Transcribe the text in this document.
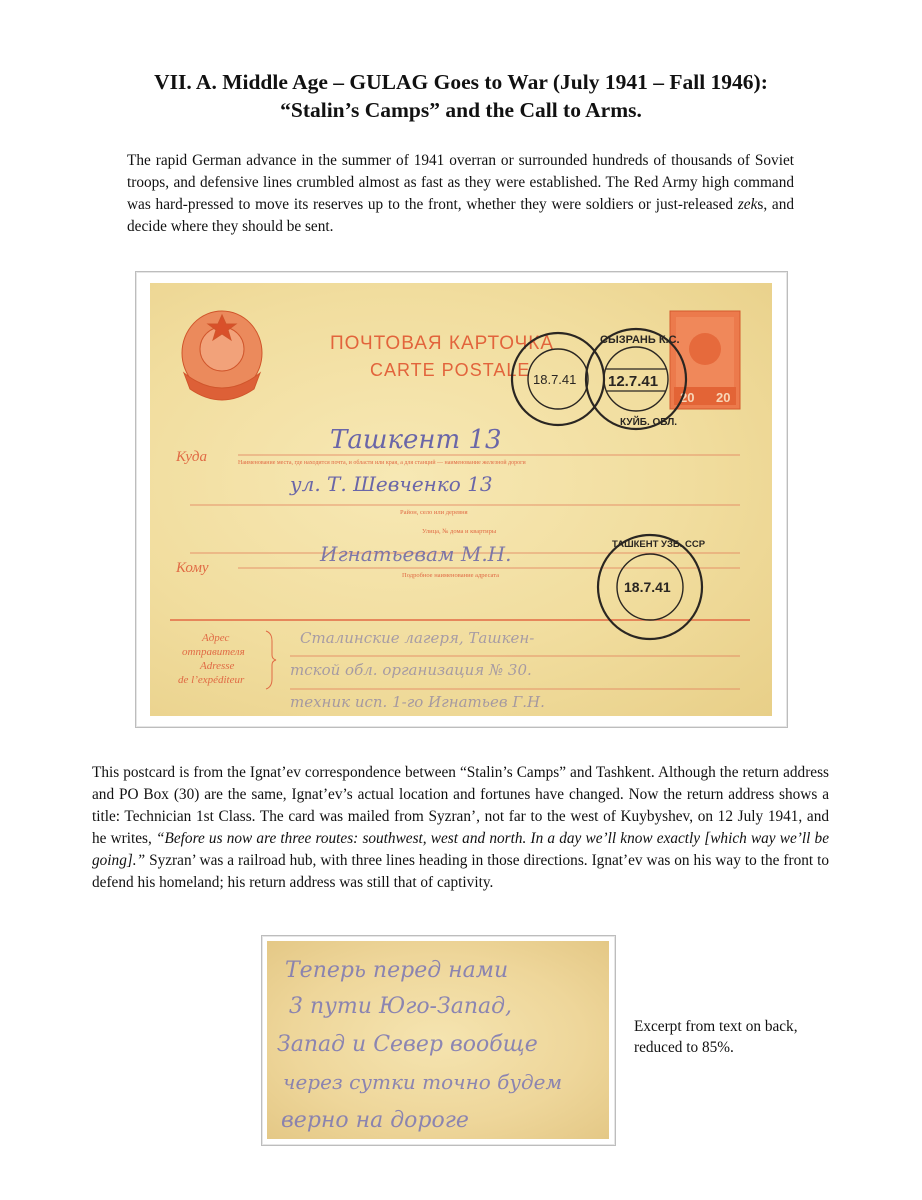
VII. A. Middle Age – GULAG Goes to War (July 1941 – Fall 1946):
“Stalin’s Camps” and the Call to Arms.

The rapid German advance in the summer of 1941 overran or surrounded hundreds of thousands of Soviet troops, and defensive lines crumbled almost as fast as they were established. The Red Army high command was hard-pressed to move its reserves up to the front, whether they were soldiers or just-released zeks, and decide where they should be sent.

20 20
ПОЧТОВАЯ КАРТОЧКА
CARTE POSTALE
Куда
Кому
Наименование места, где находится почта, и области или края, а для станций — наименование железной дороги
Район, село или деревня
Улица, № дома и квартиры
Подробное наименование адресата
Адрес
отправителя
Adresse
de l’expéditeur
Ташкент 13
ул. Т. Шевченко 13
Игнатьевам М.Н.
Сталинские лагеря, Ташкен-
тской обл. организация № 30.
техник исп. 1-го Игнатьев Г.Н.
18.7.41 12.7.41
СЫЗРАНЬ К.С.
КУЙБ. ОБЛ.
18.7.41
ТАШКЕНТ УЗБ. ССР

This postcard is from the Ignat’ev correspondence between “Stalin’s Camps” and Tashkent. Although the return address and PO Box (30) are the same, Ignat’ev’s actual location and fortunes have changed. Now the return address shows a title: Technician 1st Class. The card was mailed from Syzran’, not far to the west of Kuybyshev, on 12 July 1941, and he writes, “Before us now are three routes: southwest, west and north. In a day we’ll know exactly [which way we’ll be going].” Syzran’ was a railroad hub, with three lines heading in those directions. Ignat’ev was on his way to the front to defend his homeland; his return address was still that of captivity.

Теперь перед нами
3 пути Юго-Запад,
Запад и Север вообще
через сутки точно будем
верно на дороге

Excerpt from text on back,
reduced to 85%.
